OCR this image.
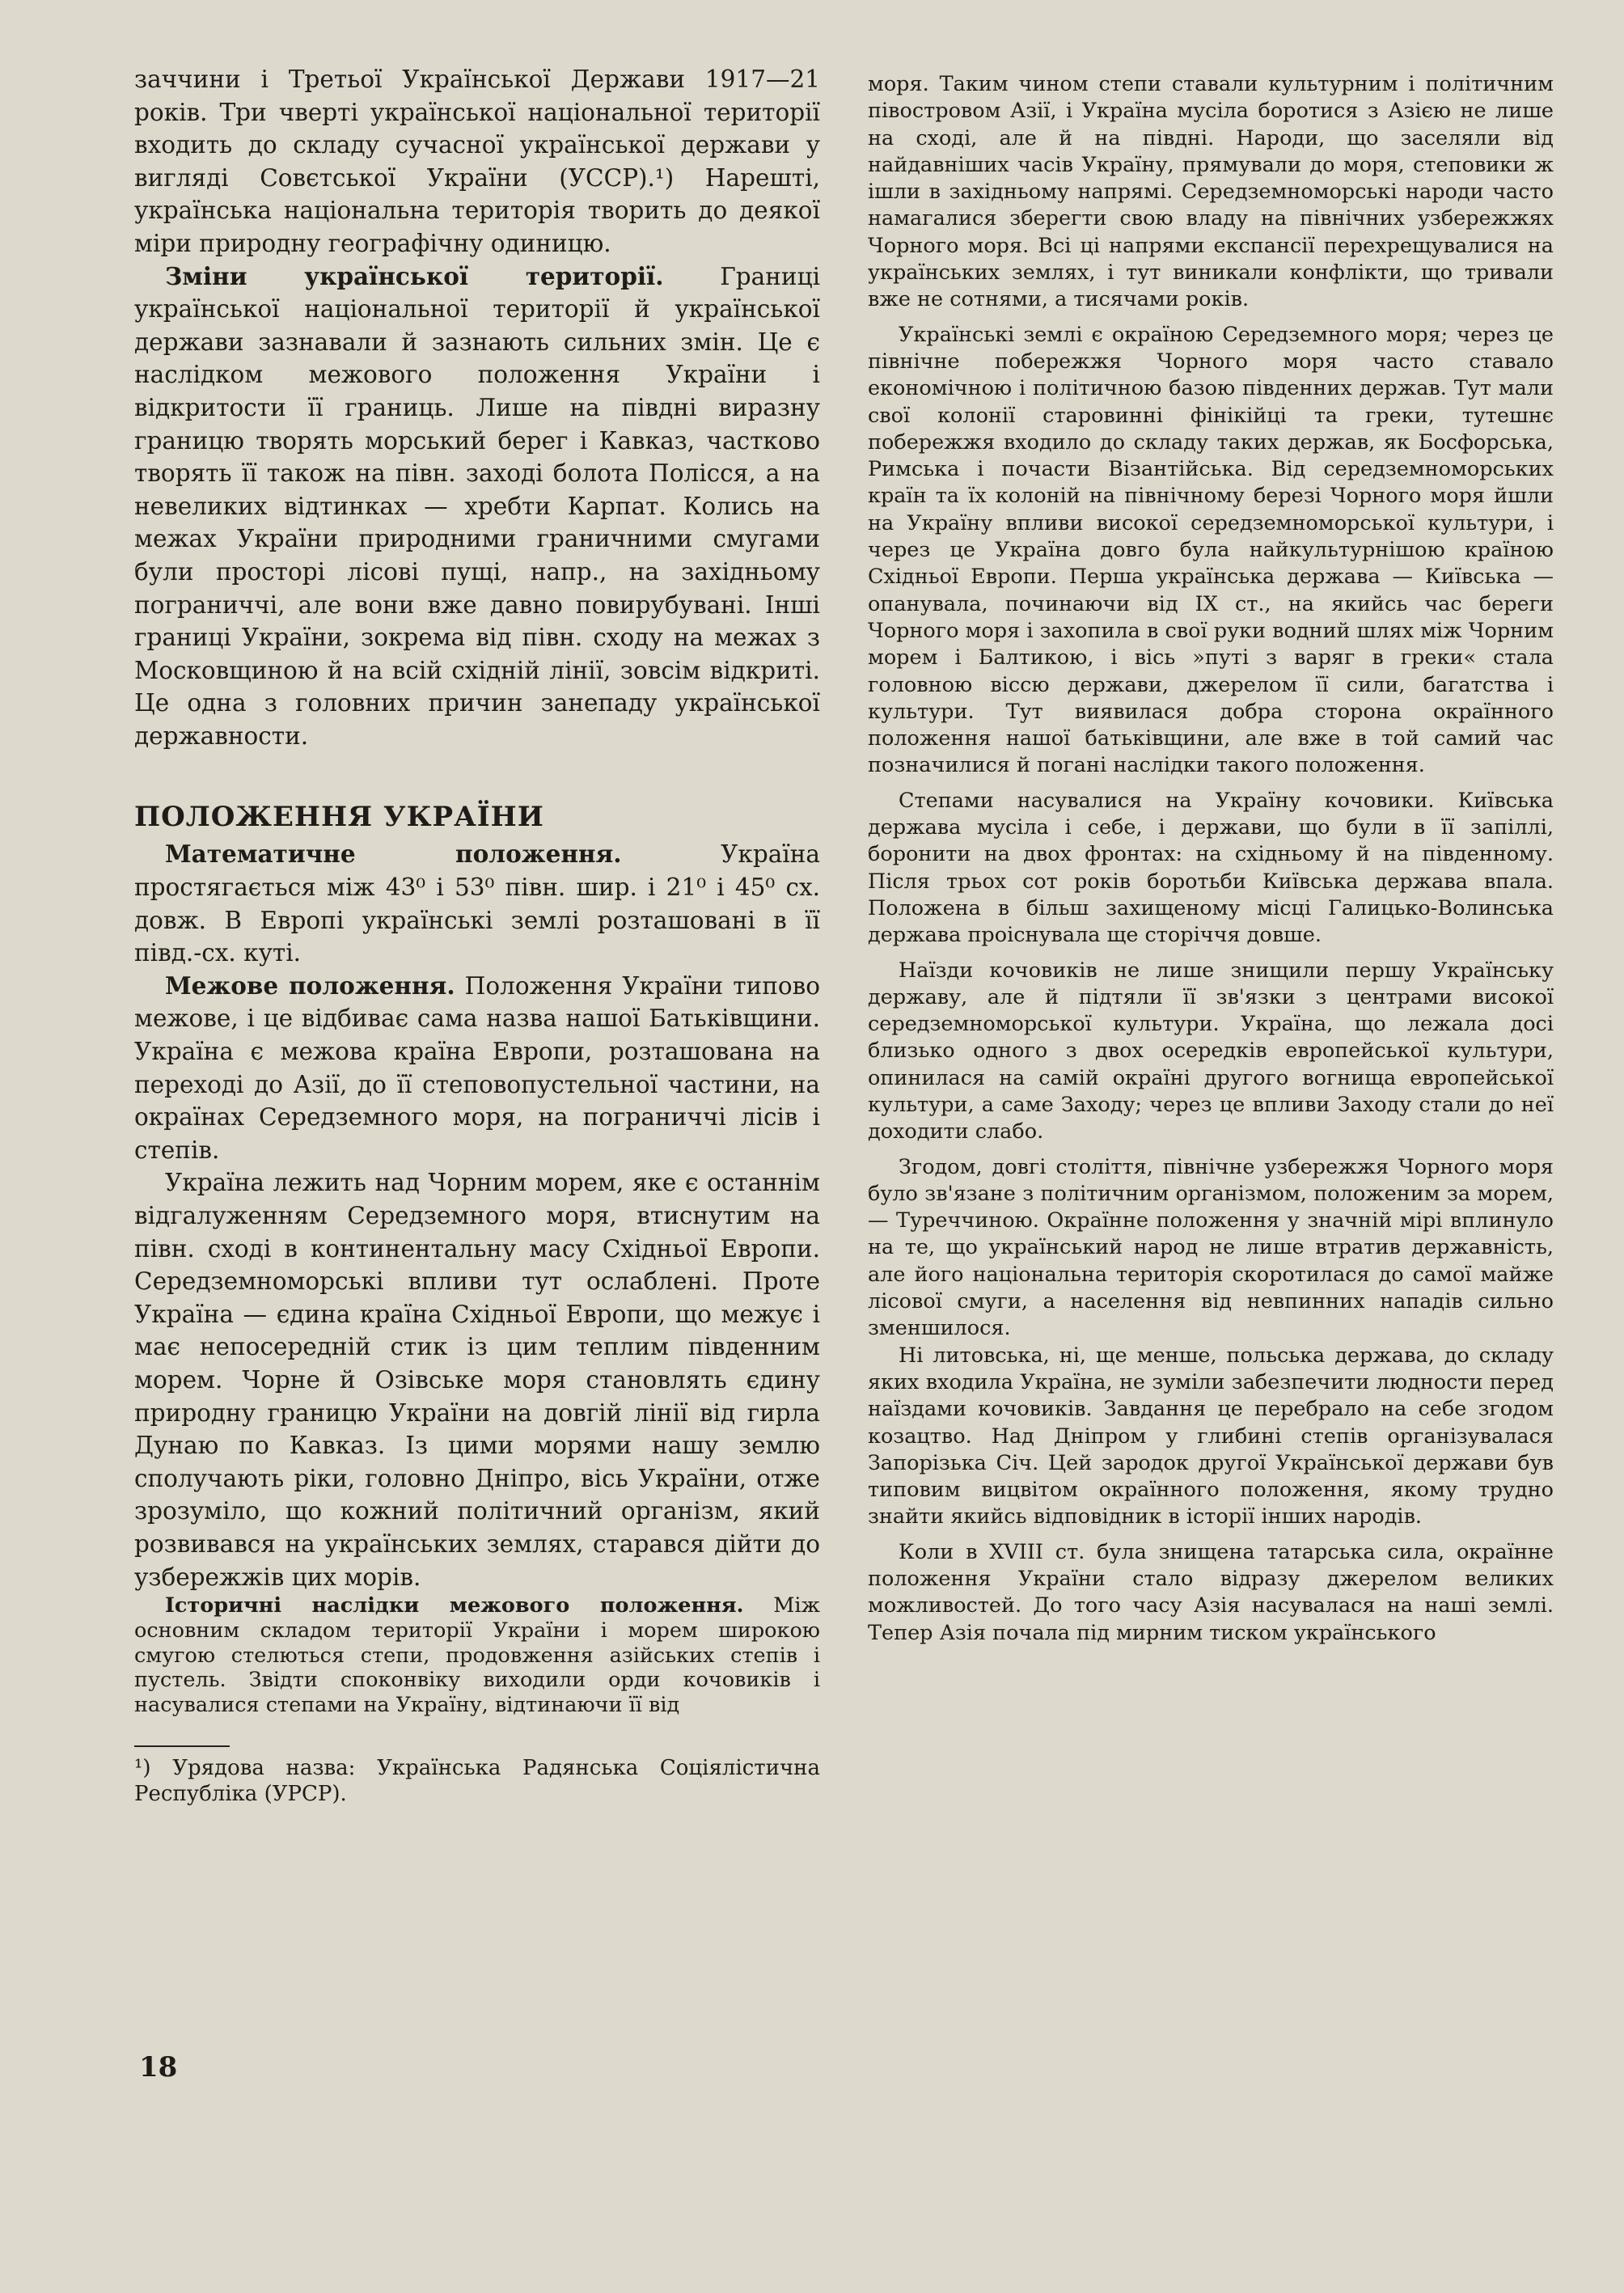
заччини і Третьої Української Держави 1917—21 років. Три чверті української національної території входить до складу сучасної української держави у вигляді Совєтської України (УССР).¹) Нарешті, українська національна територія творить до деякої міри природну географічну одиницю.

Зміни української території. Границі української національної території й української держави зазнавали й зазнають сильних змін. Це є наслідком межового положення України і відкритости її границь. Лише на півдні виразну границю творять морський берег і Кавказ, частково творять її також на півн. заході болота Полісся, а на невеликих відтинках — хребти Карпат. Колись на межах України природними граничними смугами були просторі лісові пущі, напр., на західньому пограниччі, але вони вже давно повирубувані. Інші границі України, зокрема від півн. сходу на межах з Московщиною й на всій східній лінії, зовсім відкриті. Це одна з головних причин занепаду української державности.

ПОЛОЖЕННЯ УКРАЇНИ

Математичне положення.	Україна простягається між 43⁰ і 53⁰ півн. шир. і 21⁰ і 45⁰ сх. довж. В Европі українські землі розташовані в її півд.-сх. куті.

Межове положення. Положення України типово межове, і це відбиває сама назва нашої Батьківщини. Україна є межова країна Европи, розташована на переході до Азії, до її степовопустельної частини, на окраїнах Середземного моря, на пограниччі лісів і степів.

Україна лежить над Чорним морем, яке є останнім відгалуженням Середземного моря, втиснутим на півн. сході в континентальну масу Східньої Европи. Середземноморські впливи тут ослаблені. Проте Україна — єдина країна Східньої Европи, що межує і має непосередній стик із цим теплим південним морем. Чорне й Озівське моря становлять єдину природну границю України на довгій лінії від гирла Дунаю по Кавказ. Із цими морями нашу землю сполучають ріки, головно Дніпро, вісь України, отже зрозуміло, що кожний політичний організм, який розвивався на українських землях, старався дійти до узбережжів цих морів.

Історичні наслідки межового положення. Між основним складом території України і морем широкою смугою стелються степи, продовження азійських степів і пустель. Звідти споконвіку виходили орди кочовиків і насувалися степами на Україну, відтинаючи її від

¹) Урядова назва: Українська Радянська Соціялістична Республіка (УРСР).

моря. Таким чином степи ставали культурним і політичним півостровом Азії, і Україна мусіла боротися з Азією не лише на сході, але й на півдні. Народи, що заселяли від найдавніших часів Україну, прямували до моря, степовики ж ішли в західньому напрямі. Середземноморські народи часто намагалися зберегти свою владу на північних узбережжях Чорного моря. Всі ці напрями експансії перехрещувалися на українських землях, і тут виникали конфлікти, що тривали вже не сотнями, а тисячами років.

Українські землі є окраїною Середземного моря; через це північне побережжя Чорного моря часто ставало економічною і політичною базою південних держав. Тут мали свої колонії старовинні фінікійці та греки, тутешнє побережжя входило до складу таких держав, як Босфорська, Римська і почасти Візантійська. Від середземноморських країн та їх колоній на північному березі Чорного моря йшли на Україну впливи високої середземноморської культури, і через це Україна довго була найкультурнішою країною Східньої Европи. Перша українська держава — Київська — опанувала, починаючи від IX ст., на якийсь час береги Чорного моря і захопила в свої руки водний шлях між Чорним морем і Балтикою, і вісь »путі з варяг в греки« стала головною віссю держави, джерелом її сили, багатства і культури. Тут виявилася добра сторона окраїнного положення нашої батьківщини, але вже в той самий час позначилися й погані наслідки такого положення.

Степами насувалися на Україну кочовики. Київська держава мусіла і себе, і держави, що були в її запіллі, боронити на двох фронтах: на східньому й на південному. Після трьох сот років боротьби Київська держава впала. Положена в більш захищеному місці Галицько-Волинська держава проіснувала ще сторіччя довше.

Наїзди кочовиків не лише знищили першу Українську державу, але й підтяли її зв'язки з центрами високої середземноморської культури. Україна, що лежала досі близько одного з двох осередків европейської культури, опинилася на самій окраїні другого вогнища европейської культури, а саме Заходу; через це впливи Заходу стали до неї доходити слабо.

Згодом, довгі століття, північне узбережжя Чорного моря було зв'язане з політичним організмом, положеним за морем, — Туреччиною. Окраїнне положення у значній мірі вплинуло на те, що український народ не лише втратив державність, але його національна територія скоротилася до самої майже лісової смуги, а населення від невпинних нападів сильно зменшилося.

Ні литовська, ні, ще менше, польська держава, до складу яких входила Україна, не зуміли забезпечити людности перед наїздами кочовиків. Завдання це перебрало на себе згодом козацтво. Над Дніпром у глибині степів організувалася Запорізька Січ. Цей зародок другої Української держави був типовим вицвітом окраїнного положення, якому трудно знайти якийсь відповідник в історії інших народів.

Коли в XVIII ст. була знищена татарська сила, окраїнне положення України стало відразу джерелом великих можливостей. До того часу Азія насувалася на наші землі. Тепер Азія почала під мирним тиском українського

18
